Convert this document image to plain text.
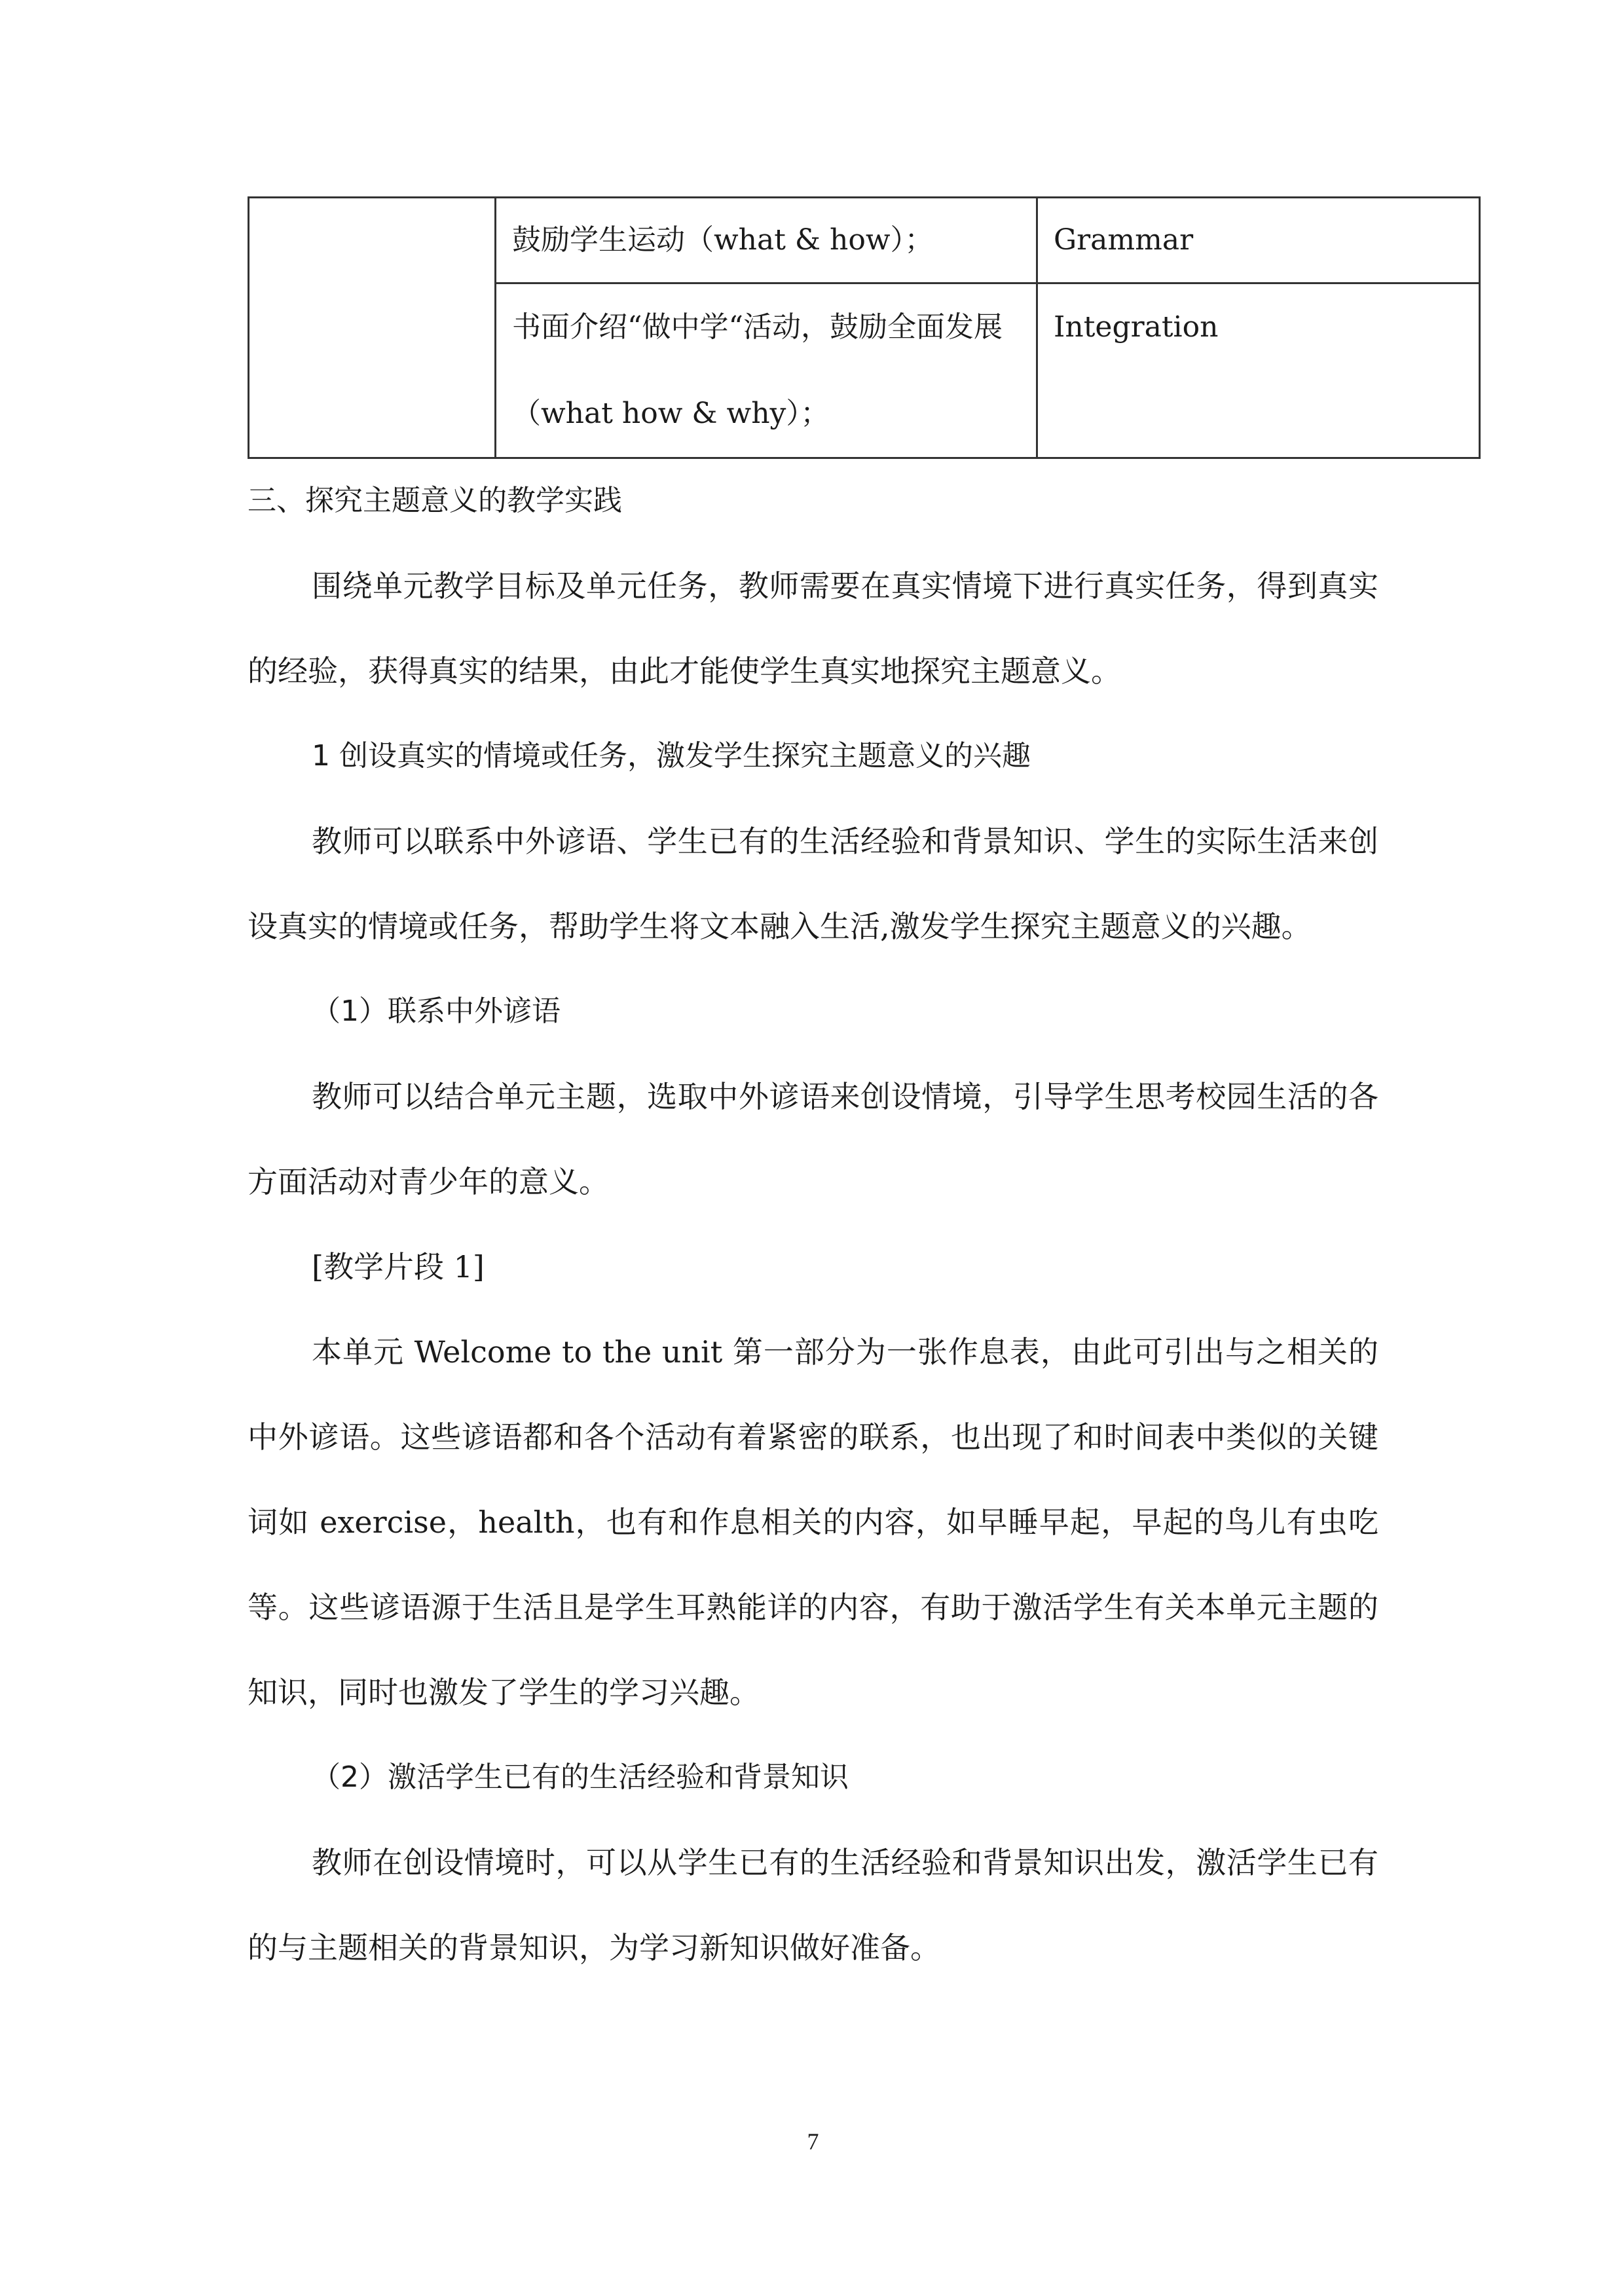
	鼓励学生运动（what & how）；	Grammar

	书面介绍“做中学“活动，鼓励全面发展（what how & why）；	Integration

三、探究主题意义的教学实践

围绕单元教学目标及单元任务，教师需要在真实情境下进行真实任务，得到真实的经验，获得真实的结果，由此才能使学生真实地探究主题意义。

1 创设真实的情境或任务，激发学生探究主题意义的兴趣

教师可以联系中外谚语、学生已有的生活经验和背景知识、学生的实际生活来创设真实的情境或任务，帮助学生将文本融入生活,激发学生探究主题意义的兴趣。

（1）联系中外谚语

教师可以结合单元主题，选取中外谚语来创设情境，引导学生思考校园生活的各方面活动对青少年的意义。

[教学片段 1]

本单元 Welcome to the unit 第一部分为一张作息表，由此可引出与之相关的中外谚语。这些谚语都和各个活动有着紧密的联系，也出现了和时间表中类似的关键词如 exercise，health，也有和作息相关的内容，如早睡早起，早起的鸟儿有虫吃等。这些谚语源于生活且是学生耳熟能详的内容，有助于激活学生有关本单元主题的知识，同时也激发了学生的学习兴趣。

（2）激活学生已有的生活经验和背景知识

教师在创设情境时，可以从学生已有的生活经验和背景知识出发，激活学生已有的与主题相关的背景知识，为学习新知识做好准备。

7
